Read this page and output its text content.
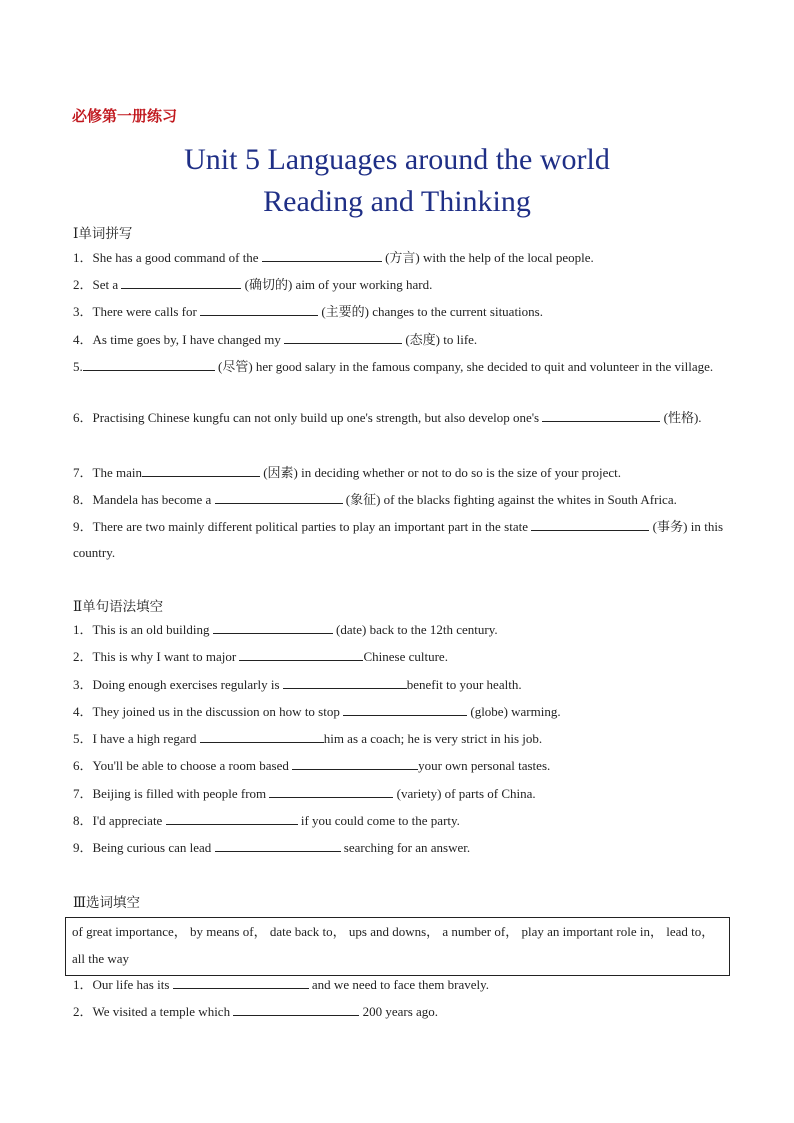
必修第一册练习
Unit 5 Languages around the world
Reading and Thinking
Ⅰ单词拼写
1．She has a good command of the	(方言) with the help of the local people.
2．Set a	(确切的) aim of your working hard.
3．There were calls for	(主要的) changes to the current situations.
4．As time goes by, I have changed my	(态度) to life.
5.	(尽管) her good salary in the famous company, she decided to quit and volunteer in the village.
6．Practising Chinese kungfu can not only build up one's strength, but also develop one's	(性格).
7．The main	(因素) in deciding whether or not to do so is the size of your project.
8．Mandela has become a	(象征) of the blacks fighting against the whites in South Africa.
9．There are two mainly different political parties to play an important part in the state	(事务) in this country.
Ⅱ单句语法填空
1．This is an old building	(date) back to the 12th century.
2．This is why I want to major	Chinese culture.
3．Doing enough exercises regularly is	benefit to your health.
4．They joined us in the discussion on how to stop	(globe) warming.
5．I have a high regard	him as a coach; he is very strict in his job.
6．You'll be able to choose a room based	your own personal tastes.
7．Beijing is filled with people from	(variety) of parts of China.
8．I'd appreciate	if you could come to the party.
9．Being curious can lead	searching for an answer.
Ⅲ选词填空
of great importance， by means of， date back to， ups and downs， a number of， play an important role in， lead to， all the way
1．Our life has its	and we need to face them bravely.
2．We visited a temple which	200 years ago.
